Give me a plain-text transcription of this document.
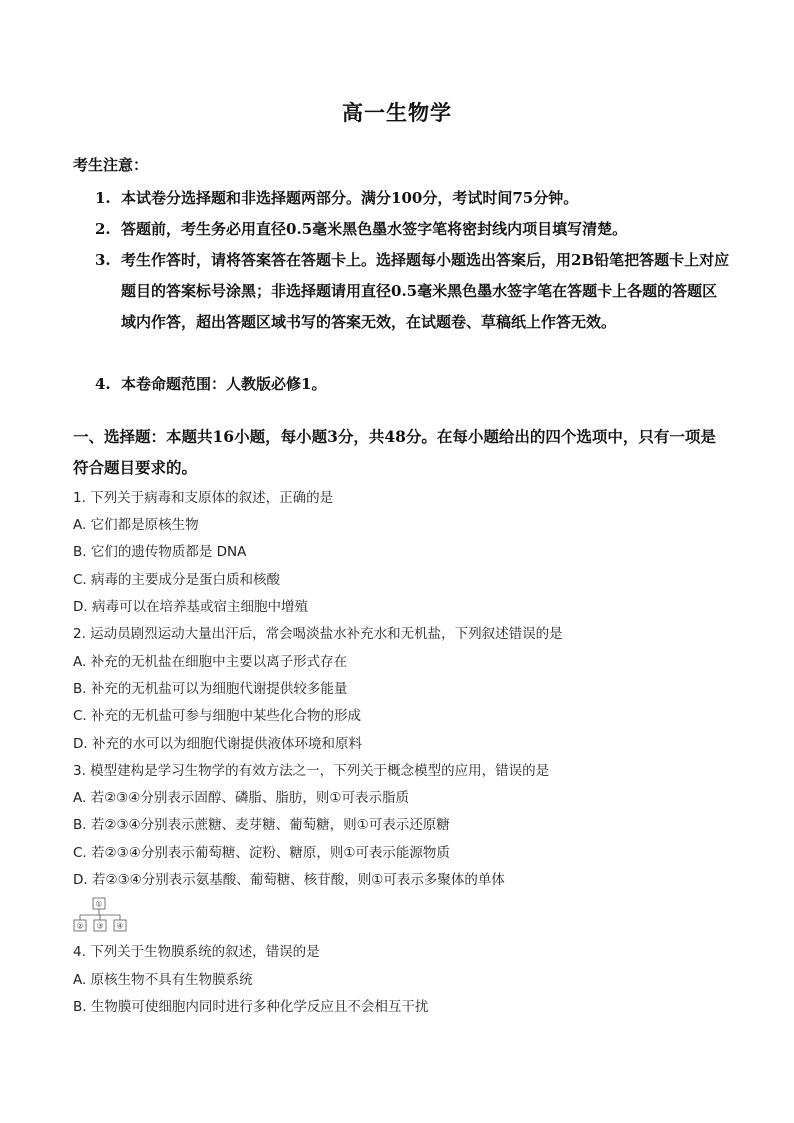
高一生物学
考生注意：
1. 本试卷分选择题和非选择题两部分。满分100分，考试时间75分钟。
2. 答题前，考生务必用直径0.5毫米黑色墨水签字笔将密封线内项目填写清楚。
3. 考生作答时，请将答案答在答题卡上。选择题每小题选出答案后，用2B铅笔把答题卡上对应题目的答案标号涂黑；非选择题请用直径0.5毫米黑色墨水签字笔在答题卡上各题的答题区域内作答，超出答题区域书写的答案无效，在试题卷、草稿纸上作答无效。
4. 本卷命题范围：人教版必修1。
一、选择题：本题共16小题，每小题3分，共48分。在每小题给出的四个选项中，只有一项是符合题目要求的。
1. 下列关于病毒和支原体的叙述，正确的是
A. 它们都是原核生物
B. 它们的遗传物质都是 DNA
C. 病毒的主要成分是蛋白质和核酸
D. 病毒可以在培养基或宿主细胞中增殖
2. 运动员剧烈运动大量出汗后，常会喝淡盐水补充水和无机盐，下列叙述错误的是
A. 补充的无机盐在细胞中主要以离子形式存在
B. 补充的无机盐可以为细胞代谢提供较多能量
C. 补充的无机盐可参与细胞中某些化合物的形成
D. 补充的水可以为细胞代谢提供液体环境和原料
3. 模型建构是学习生物学的有效方法之一，下列关于概念模型的应用，错误的是
A. 若②③④分别表示固醇、磷脂、脂肪，则①可表示脂质
B. 若②③④分别表示蔗糖、麦芽糖、葡萄糖，则①可表示还原糖
C. 若②③④分别表示葡萄糖、淀粉、糖原，则①可表示能源物质
D. 若②③④分别表示氨基酸、葡萄糖、核苷酸，则①可表示多聚体的单体
①
② ③ ④
4. 下列关于生物膜系统的叙述，错误的是
A. 原核生物不具有生物膜系统
B. 生物膜可使细胞内同时进行多种化学反应且不会相互干扰
